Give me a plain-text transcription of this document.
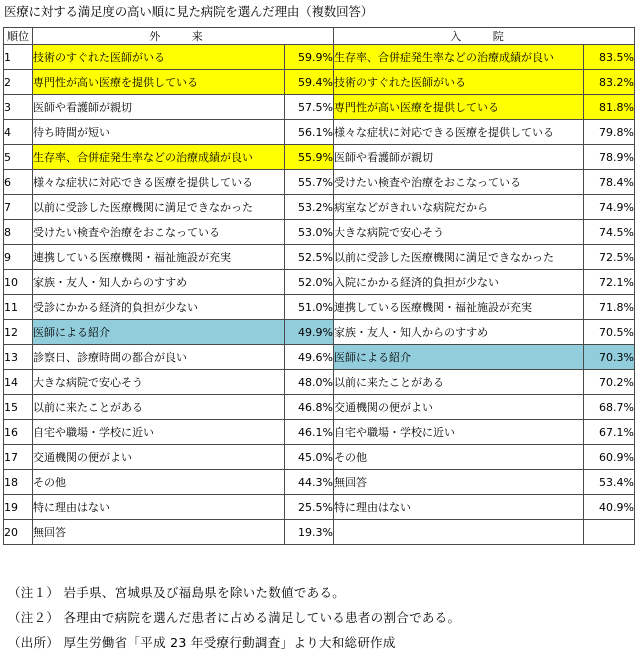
医療に対する満足度の高い順に見た病院を選んだ理由（複数回答）
順位	外 来		入 院	
1	技術のすぐれた医師がいる	59.9%	生存率、合併症発生率などの治療成績が良い	83.5%
2	専門性が高い医療を提供している	59.4%	技術のすぐれた医師がいる	83.2%
3	医師や看護師が親切	57.5%	専門性が高い医療を提供している	81.8%
4	待ち時間が短い	56.1%	様々な症状に対応できる医療を提供している	79.8%
5	生存率、合併症発生率などの治療成績が良い	55.9%	医師や看護師が親切	78.9%
6	様々な症状に対応できる医療を提供している	55.7%	受けたい検査や治療をおこなっている	78.4%
7	以前に受診した医療機関に満足できなかった	53.2%	病室などがきれいな病院だから	74.9%
8	受けたい検査や治療をおこなっている	53.0%	大きな病院で安心そう	74.5%
9	連携している医療機関・福祉施設が充実	52.5%	以前に受診した医療機関に満足できなかった	72.5%
10	家族・友人・知人からのすすめ	52.0%	入院にかかる経済的負担が少ない	72.1%
11	受診にかかる経済的負担が少ない	51.0%	連携している医療機関・福祉施設が充実	71.8%
12	医師による紹介	49.9%	家族・友人・知人からのすすめ	70.5%
13	診察日、診療時間の都合が良い	49.6%	医師による紹介	70.3%
14	大きな病院で安心そう	48.0%	以前に来たことがある	70.2%
15	以前に来たことがある	46.8%	交通機関の便がよい	68.7%
16	自宅や職場・学校に近い	46.1%	自宅や職場・学校に近い	67.1%
17	交通機関の便がよい	45.0%	その他	60.9%
18	その他	44.3%	無回答	53.4%
19	特に理由はない	25.5%	特に理由はない	40.9%
20	無回答	19.3%		
（注１） 岩手県、宮城県及び福島県を除いた数値である。
（注２） 各理由で病院を選んだ患者に占める満足している患者の割合である。
（出所） 厚生労働省「平成 23 年受療行動調査」より大和総研作成
